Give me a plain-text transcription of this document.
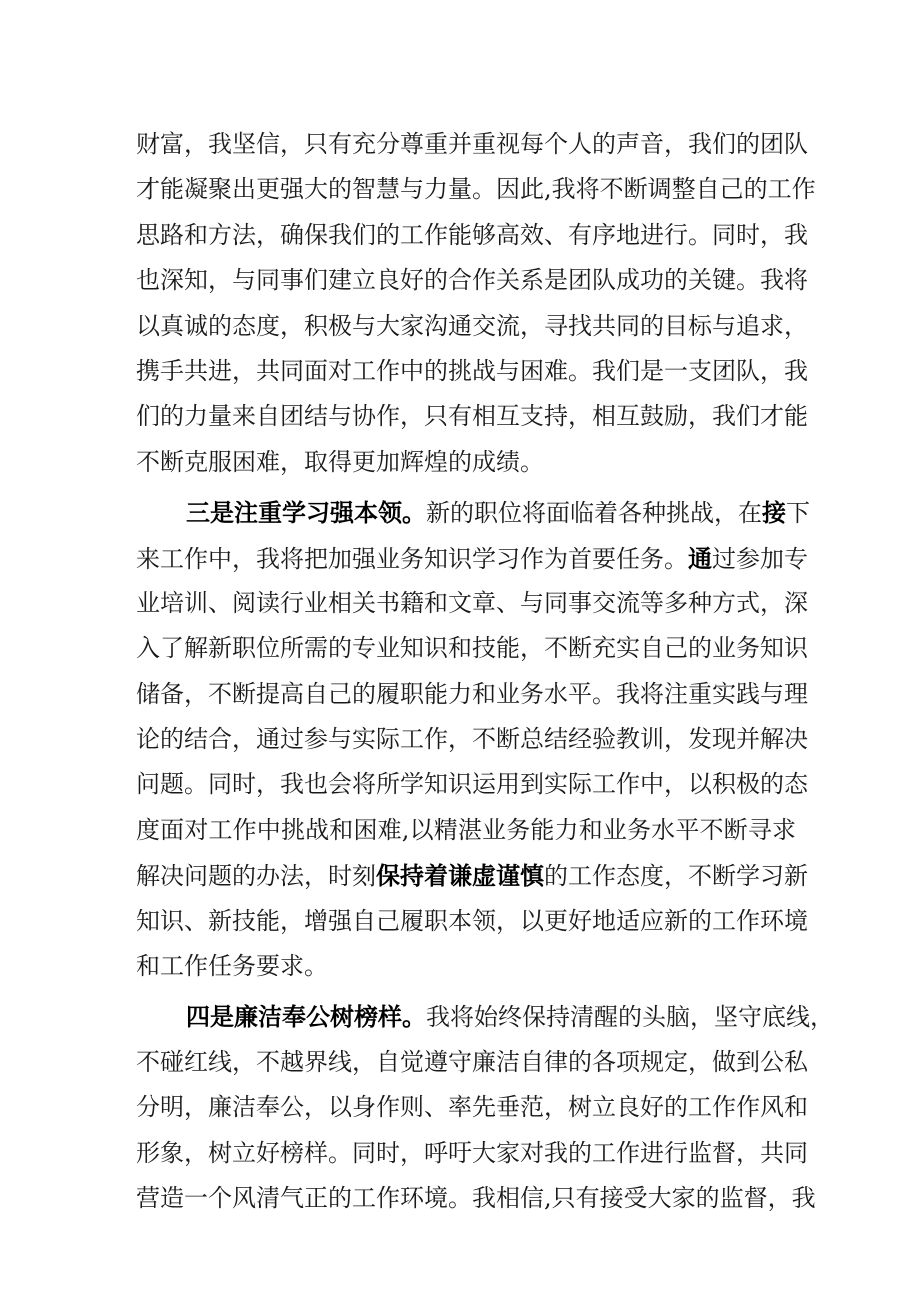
财富，我坚信，只有充分尊重并重视每个人的声音，我们的团队
才能凝聚出更强大的智慧与力量。因此,我将不断调整自己的工作
思路和方法，确保我们的工作能够高效、有序地进行。同时，我
也深知，与同事们建立良好的合作关系是团队成功的关键。我将
以真诚的态度，积极与大家沟通交流，寻找共同的目标与追求，
携手共进，共同面对工作中的挑战与困难。我们是一支团队，我
们的力量来自团结与协作，只有相互支持，相互鼓励，我们才能
不断克服困难，取得更加辉煌的成绩。
三是注重学习强本领。新的职位将面临着各种挑战，在接下
来工作中，我将把加强业务知识学习作为首要任务。通过参加专
业培训、阅读行业相关书籍和文章、与同事交流等多种方式，深
入了解新职位所需的专业知识和技能，不断充实自己的业务知识
储备，不断提高自己的履职能力和业务水平。我将注重实践与理
论的结合，通过参与实际工作，不断总结经验教训，发现并解决
问题。同时，我也会将所学知识运用到实际工作中，以积极的态
度面对工作中挑战和困难,以精湛业务能力和业务水平不断寻求
解决问题的办法，时刻保持着谦虚谨慎的工作态度，不断学习新
知识、新技能，增强自己履职本领，以更好地适应新的工作环境
和工作任务要求。
四是廉洁奉公树榜样。我将始终保持清醒的头脑，坚守底线，
不碰红线，不越界线，自觉遵守廉洁自律的各项规定，做到公私
分明，廉洁奉公，以身作则、率先垂范，树立良好的工作作风和
形象，树立好榜样。同时，呼吁大家对我的工作进行监督，共同
营造一个风清气正的工作环境。我相信,只有接受大家的监督，我
